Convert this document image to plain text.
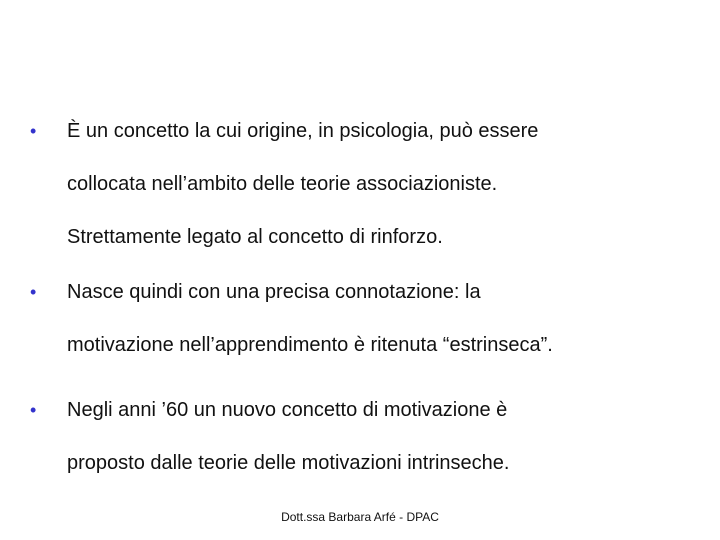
•	È un concetto la cui origine, in psicologia, può essere
collocata nell’ambito delle teorie associazioniste.
Strettamente legato al concetto di rinforzo.
•	Nasce quindi con una precisa connotazione: la
motivazione nell’apprendimento è ritenuta “estrinseca”.
•	Negli anni ’60 un nuovo concetto di motivazione è
proposto dalle teorie delle motivazioni intrinseche.
Dott.ssa Barbara Arfé - DPAC
